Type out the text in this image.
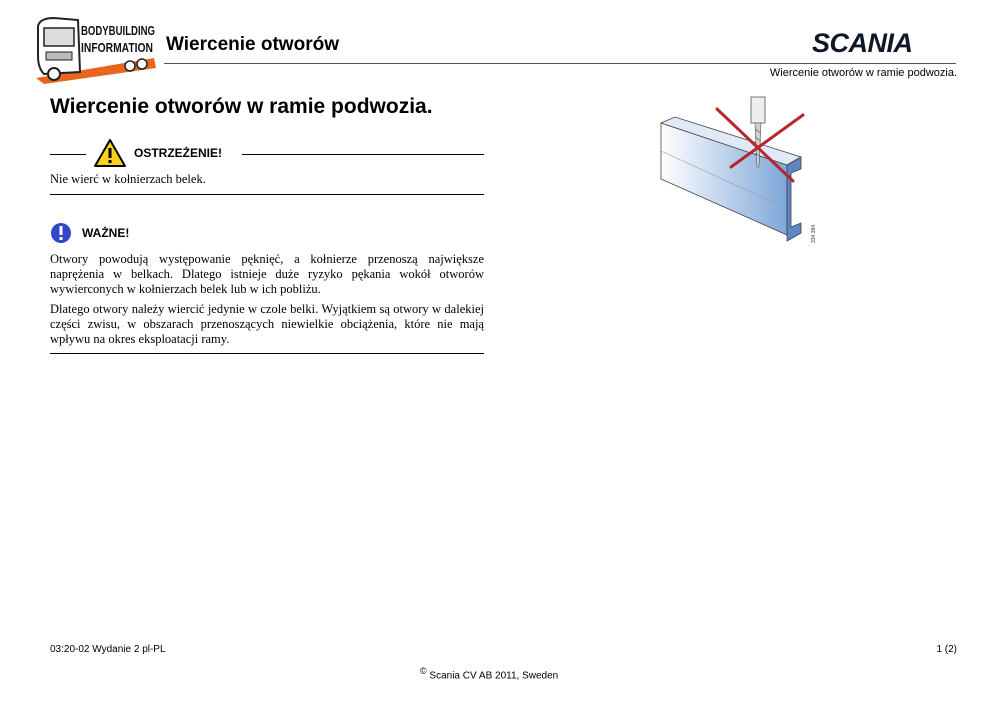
BODYBUILDING
INFORMATION Wiercenie otworów	SCANIA
Wiercenie otworów w ramie podwozia.
Wiercenie otworów w ramie podwozia.
OSTRZEŻENIE!
Nie wierć w kołnierzach belek.
WAŻNE!
Otwory powodują występowanie pęknięć, a kołnierze przenoszą największe naprężenia w belkach. Dlatego istnieje duże ryzyko pękania wokół otworów wywierconych w kołnierzach belek lub w ich pobliżu.
Dlatego otwory należy wiercić jedynie w czole belki. Wyjątkiem są otwory w dalekiej części zwisu, w obszarach przenoszących niewielkie obciążenia, które nie mają wpływu na okres eksploatacji ramy.
334 384
03:20-02 Wydanie 2 pl-PL	1 (2)
© Scania CV AB 2011, Sweden
